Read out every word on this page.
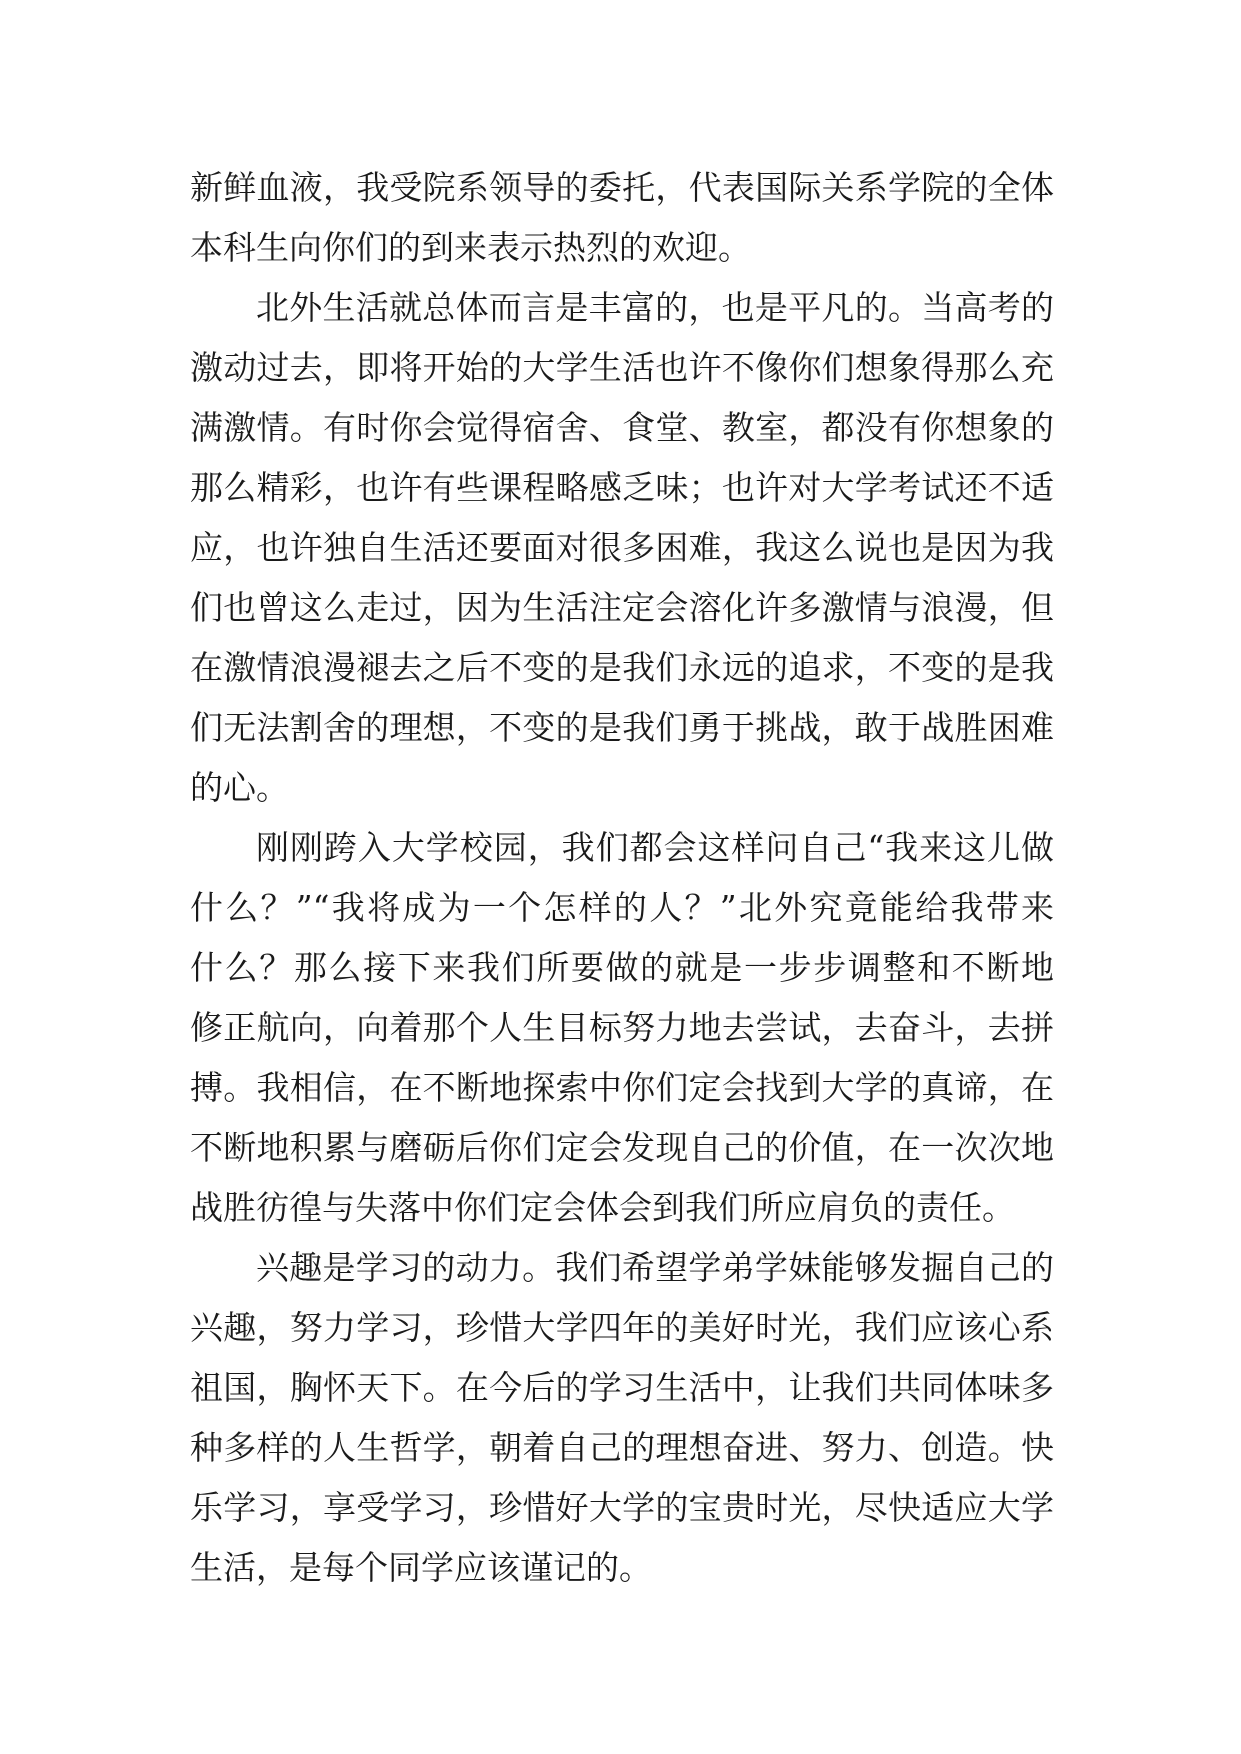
新鲜血液，我受院系领导的委托，代表国际关系学院的全体
本科生向你们的到来表示热烈的欢迎。
北外生活就总体而言是丰富的，也是平凡的。当高考的
激动过去，即将开始的大学生活也许不像你们想象得那么充
满激情。有时你会觉得宿舍、食堂、教室，都没有你想象的
那么精彩，也许有些课程略感乏味；也许对大学考试还不适
应，也许独自生活还要面对很多困难，我这么说也是因为我
们也曾这么走过，因为生活注定会溶化许多激情与浪漫，但
在激情浪漫褪去之后不变的是我们永远的追求，不变的是我
们无法割舍的理想，不变的是我们勇于挑战，敢于战胜困难
的心。
刚刚跨入大学校园，我们都会这样问自己“我来这儿做
什么？”“我将成为一个怎样的人？”北外究竟能给我带来
什么？那么接下来我们所要做的就是一步步调整和不断地
修正航向，向着那个人生目标努力地去尝试，去奋斗，去拼
搏。我相信，在不断地探索中你们定会找到大学的真谛，在
不断地积累与磨砺后你们定会发现自己的价值，在一次次地
战胜彷徨与失落中你们定会体会到我们所应肩负的责任。
兴趣是学习的动力。我们希望学弟学妹能够发掘自己的
兴趣，努力学习，珍惜大学四年的美好时光，我们应该心系
祖国，胸怀天下。在今后的学习生活中，让我们共同体味多
种多样的人生哲学，朝着自己的理想奋进、努力、创造。快
乐学习，享受学习，珍惜好大学的宝贵时光，尽快适应大学
生活，是每个同学应该谨记的。
